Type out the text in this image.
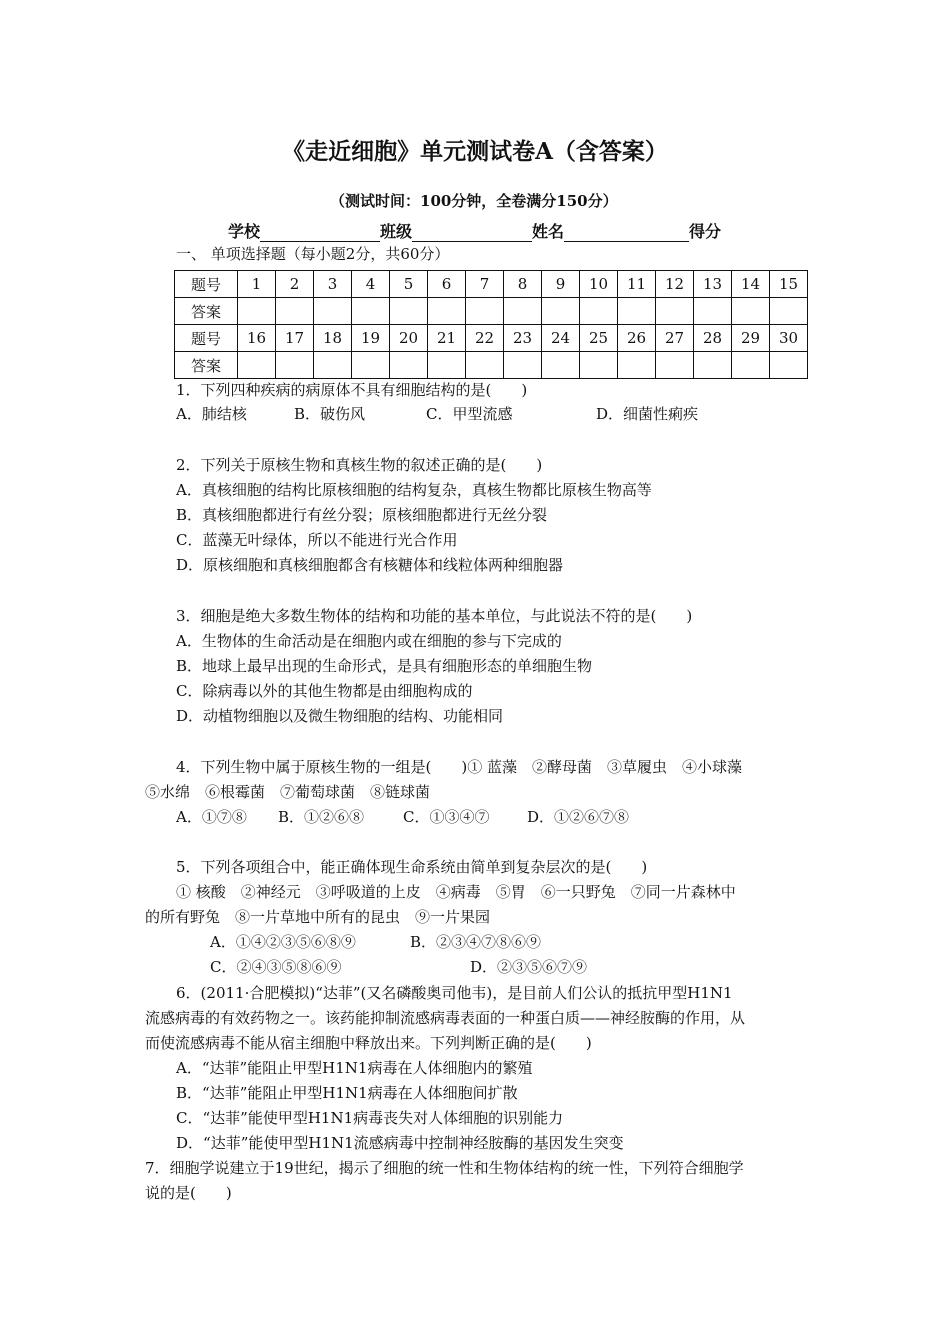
《走近细胞》单元测试卷A（含答案）
（测试时间：100分钟，全卷满分150分）
学校	班级	姓名	得分
一、 单项选择题（每小题2分，共60分）
题号	1	2	3	4	5	6	7	8	9	10	11	12	13	14	15
答案															
题号	16	17	18	19	20	21	22	23	24	25	26	27	28	29	30
答案															
1．下列四种疾病的病原体不具有细胞结构的是(　　)
A．肺结核	B．破伤风	C．甲型流感	D．细菌性痢疾
2．下列关于原核生物和真核生物的叙述正确的是(　　)
A．真核细胞的结构比原核细胞的结构复杂，真核生物都比原核生物高等
B．真核细胞都进行有丝分裂；原核细胞都进行无丝分裂
C．蓝藻无叶绿体，所以不能进行光合作用
D．原核细胞和真核细胞都含有核糖体和线粒体两种细胞器
3．细胞是绝大多数生物体的结构和功能的基本单位，与此说法不符的是(　　)
A．生物体的生命活动是在细胞内或在细胞的参与下完成的
B．地球上最早出现的生命形式，是具有细胞形态的单细胞生物
C．除病毒以外的其他生物都是由细胞构成的
D．动植物细胞以及微生物细胞的结构、功能相同
4．下列生物中属于原核生物的一组是(　　)① 蓝藻　②酵母菌　③草履虫　④小球藻
⑤水绵　⑥根霉菌　⑦葡萄球菌　⑧链球菌
A．①⑦⑧ B．①②⑥⑧	C．①③④⑦	D．①②⑥⑦⑧
5．下列各项组合中，能正确体现生命系统由简单到复杂层次的是(　　)
① 核酸　②神经元　③呼吸道的上皮　④病毒　⑤胃　⑥一只野兔　⑦同一片森林中
的所有野兔　⑧一片草地中所有的昆虫　⑨一片果园
A．①④②③⑤⑥⑧⑨	B．②③④⑦⑧⑥⑨
C．②④③⑤⑧⑥⑨	D．②③⑤⑥⑦⑨
6．(2011·合肥模拟)“达菲”(又名磷酸奥司他韦)，是目前人们公认的抵抗甲型H1N1
流感病毒的有效药物之一。该药能抑制流感病毒表面的一种蛋白质——神经胺酶的作用，从
而使流感病毒不能从宿主细胞中释放出来。下列判断正确的是(　　)
A．“达菲”能阻止甲型H1N1病毒在人体细胞内的繁殖
B．“达菲”能阻止甲型H1N1病毒在人体细胞间扩散
C．“达菲”能使甲型H1N1病毒丧失对人体细胞的识别能力
D．“达菲”能使甲型H1N1流感病毒中控制神经胺酶的基因发生突变
7．细胞学说建立于19世纪，揭示了细胞的统一性和生物体结构的统一性，下列符合细胞学
说的是(　　)
